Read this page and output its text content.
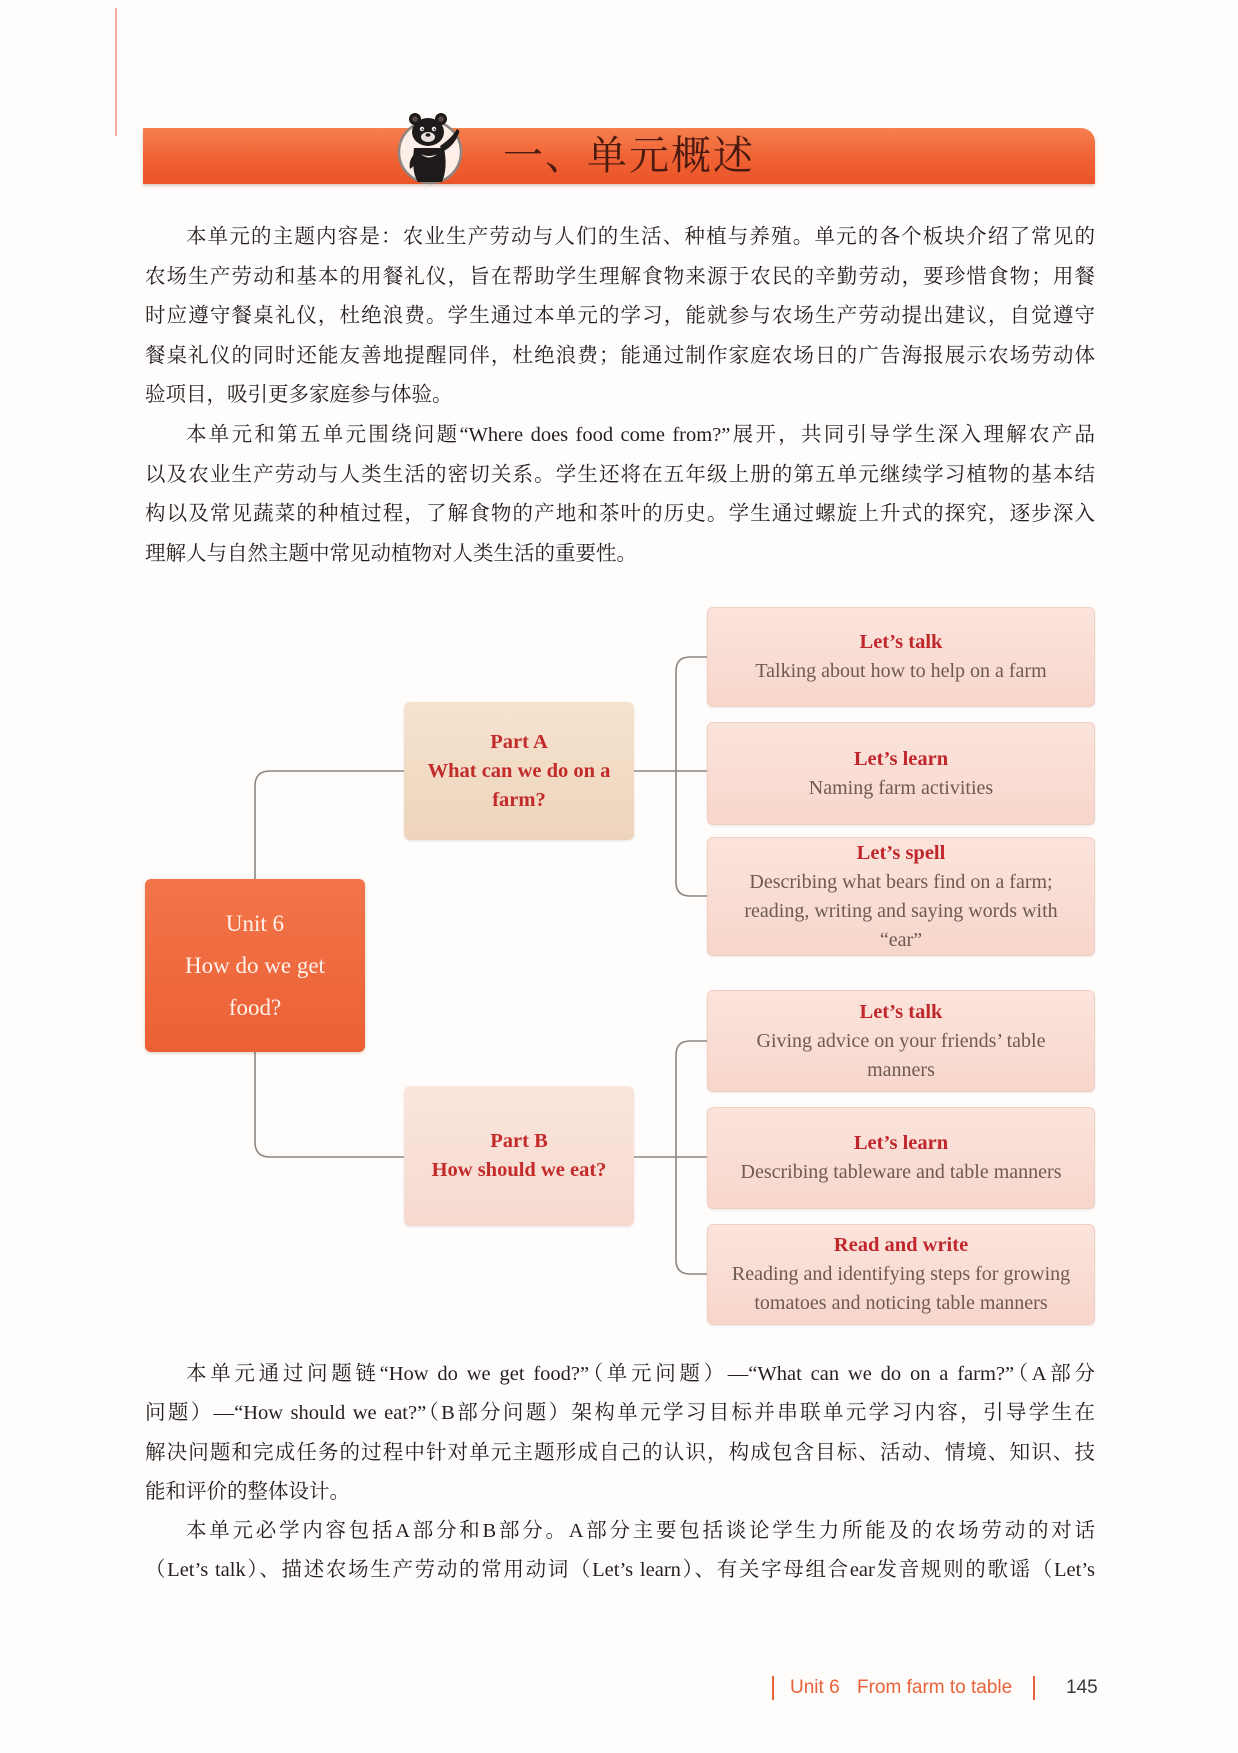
一、单元概述
本单元的主题内容是：农业生产劳动与人们的生活、种植与养殖。单元的各个板块介绍了常见的
农场生产劳动和基本的用餐礼仪，旨在帮助学生理解食物来源于农民的辛勤劳动，要珍惜食物；用餐
时应遵守餐桌礼仪，杜绝浪费。学生通过本单元的学习，能就参与农场生产劳动提出建议，自觉遵守
餐桌礼仪的同时还能友善地提醒同伴，杜绝浪费；能通过制作家庭农场日的广告海报展示农场劳动体
验项目，吸引更多家庭参与体验。
本单元和第五单元围绕问题“Where does food come from?”展开，共同引导学生深入理解农产品
以及农业生产劳动与人类生活的密切关系。学生还将在五年级上册的第五单元继续学习植物的基本结
构以及常见蔬菜的种植过程，了解食物的产地和茶叶的历史。学生通过螺旋上升式的探究，逐步深入
理解人与自然主题中常见动植物对人类生活的重要性。
Unit 6
How do we get food?
Part A
What can we do on a farm?
Part B
How should we eat?
Let’s talk
Talking about how to help on a farm
Let’s learn
Naming farm activities
Let’s spell
Describing what bears find on a farm;
reading, writing and saying words with
“ear”
Let’s talk
Giving advice on your friends’ table
manners
Let’s learn
Describing tableware and table manners
Read and write
Reading and identifying steps for growing
tomatoes and noticing table manners
本单元通过问题链“How do we get food?”（单元问题）—“What can we do on a farm?”（A部分
问题）—“How should we eat?”（B部分问题）架构单元学习目标并串联单元学习内容，引导学生在
解决问题和完成任务的过程中针对单元主题形成自己的认识，构成包含目标、活动、情境、知识、技
能和评价的整体设计。
本单元必学内容包括A部分和B部分。A部分主要包括谈论学生力所能及的农场劳动的对话
（Let’s talk）、描述农场生产劳动的常用动词（Let’s learn）、有关字母组合ear发音规则的歌谣（Let’s
Unit 6 From farm to table	145
